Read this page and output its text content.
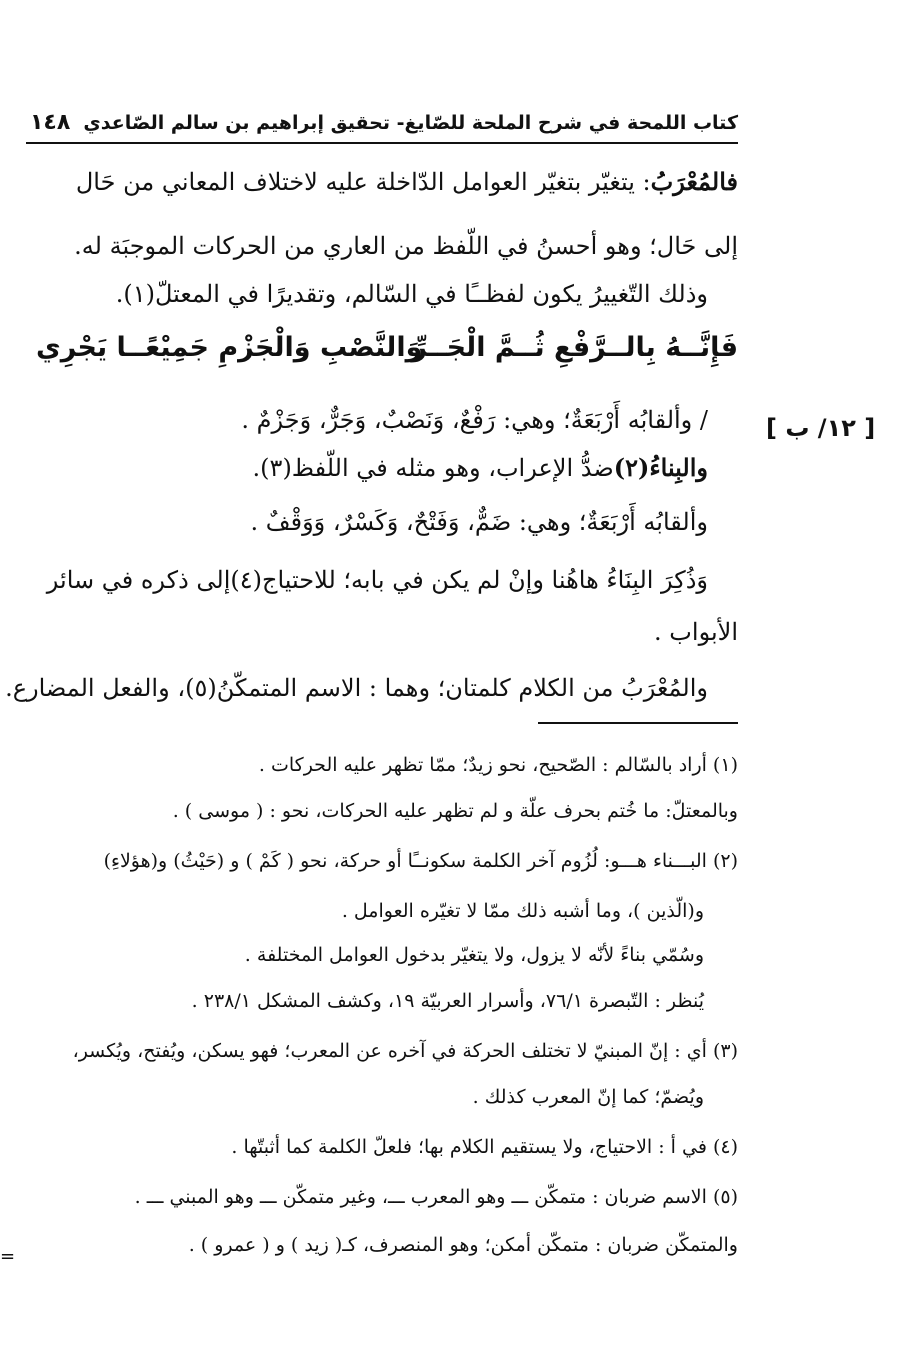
كتاب اللمحة في شرح الملحة للصّايغ- تحقيق إبراهيم بن سالم الصّاعدي
١٤٨
فالمُعْرَبُ: يتغيّر بتغيّر العوامل الدّاخلة عليه لاختلاف المعاني من حَال
إلى حَال؛ وهو أحسنُ في اللّفظ من العاري من الحركات الموجبَة له.
وذلك التّغييرُ يكون لفظــًا في السّالم، وتقديرًا في المعتلّ(١).
فَإِنَّــهُ بِالــرَّفْعِ ثُــمَّ الْجَــرِّ
وَالنَّصْبِ وَالْجَزْمِ جَمِيْعًــا يَجْرِي
/ وألقابُه أَرْبَعَةٌ؛ وهي: رَفْعٌ، وَنَصْبٌ، وَجَرٌّ، وَجَزْمٌ .
والبِناءُ(٢)ضدُّ الإعراب، وهو مثله في اللّفظ(٣).
وألقابُه أَرْبَعَةٌ؛ وهي: ضَمٌّ، وَفَتْحٌ، وَكَسْرٌ، وَوَقْفٌ .
وَذُكِرَ البِنَاءُ هاهُنا وإنْ لم يكن في بابه؛ للاحتياج(٤)إلى ذكره في سائر
الأبواب .
والمُعْرَبُ من الكلام كلمتان؛ وهما : الاسم المتمكّنُ(٥)، والفعل المضارع.
[ ١٢/ ب ]
(١) أراد بالسّالم : الصّحيح، نحو زيدٌ؛ ممّا تظهر عليه الحركات .
وبالمعتلّ: ما خُتم بحرف علّة و لم تظهر عليه الحركات، نحو : ( موسى ) .
(٢) البـــناء هـــو: لُزُوم آخر الكلمة سكونــًا أو حركة، نحو ( كَمْ ) و (حَيْثُ) و(هؤلاءِ)
و(الّذين )، وما أشبه ذلك ممّا لا تغيّره العوامل .
وسُمّي بناءً لأنّه لا يزول، ولا يتغيّر بدخول العوامل المختلفة .
يُنظر : التّبصرة ٧٦/١، وأسرار العربيّة ١٩، وكشف المشكل ٢٣٨/١ .
(٣) أي : إنّ المبنيّ لا تختلف الحركة في آخره عن المعرب؛ فهو يسكن، ويُفتح، ويُكسر،
ويُضمّ؛ كما إنّ المعرب كذلك .
(٤) في أ : الاحتياج، ولا يستقيم الكلام بها؛ فلعلّ الكلمة كما أثبتّها .
(٥) الاسم ضربان : متمكّن ـــ وهو المعرب ـــ، وغير متمكّن ـــ وهو المبني ـــ .
والمتمكّن ضربان : متمكّن أمكن؛ وهو المنصرف، كـ( زيد ) و ( عمرو ) .
=
